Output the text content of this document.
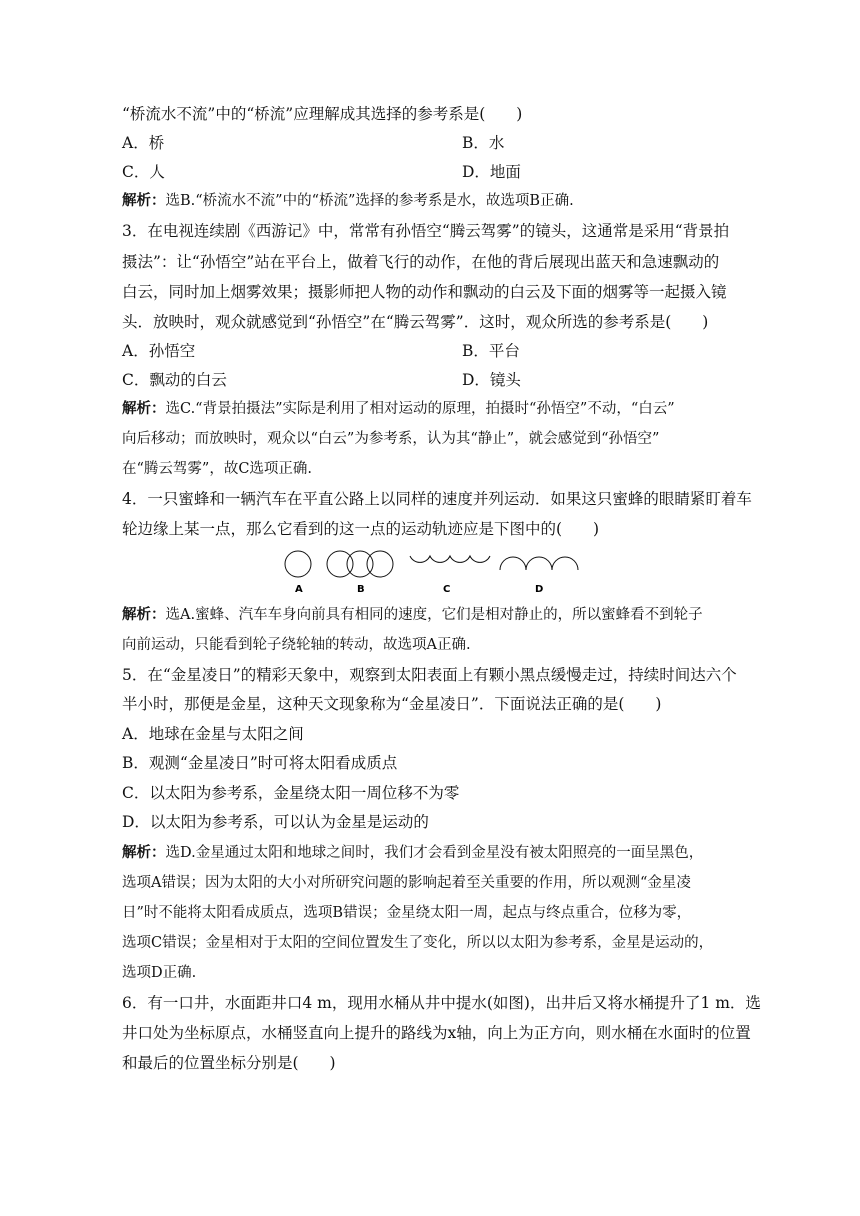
“桥流水不流”中的“桥流”应理解成其选择的参考系是(　　)
A．桥	B．水
C．人	D．地面
解析：选B.“桥流水不流”中的“桥流”选择的参考系是水，故选项B正确.
3．在电视连续剧《西游记》中，常常有孙悟空“腾云驾雾”的镜头，这通常是采用“背景拍
摄法”：让“孙悟空”站在平台上，做着飞行的动作，在他的背后展现出蓝天和急速飘动的
白云，同时加上烟雾效果；摄影师把人物的动作和飘动的白云及下面的烟雾等一起摄入镜
头．放映时，观众就感觉到“孙悟空”在“腾云驾雾”．这时，观众所选的参考系是(　　)
A．孙悟空	B．平台
C．飘动的白云	D．镜头
解析：选C.“背景拍摄法”实际是利用了相对运动的原理，拍摄时“孙悟空”不动，“白云”
向后移动；而放映时，观众以“白云”为参考系，认为其“静止”，就会感觉到“孙悟空”
在“腾云驾雾”，故C选项正确.
4．一只蜜蜂和一辆汽车在平直公路上以同样的速度并列运动．如果这只蜜蜂的眼睛紧盯着车
轮边缘上某一点，那么它看到的这一点的运动轨迹应是下图中的(　　)
A	B	C	D
解析：选A.蜜蜂、汽车车身向前具有相同的速度，它们是相对静止的，所以蜜蜂看不到轮子
向前运动，只能看到轮子绕轮轴的转动，故选项A正确.
5．在“金星凌日”的精彩天象中，观察到太阳表面上有颗小黑点缓慢走过，持续时间达六个
半小时，那便是金星，这种天文现象称为“金星凌日”．下面说法正确的是(　　)
A．地球在金星与太阳之间
B．观测“金星凌日”时可将太阳看成质点
C．以太阳为参考系，金星绕太阳一周位移不为零
D．以太阳为参考系，可以认为金星是运动的
解析：选D.金星通过太阳和地球之间时，我们才会看到金星没有被太阳照亮的一面呈黑色，
选项A错误；因为太阳的大小对所研究问题的影响起着至关重要的作用，所以观测“金星凌
日”时不能将太阳看成质点，选项B错误；金星绕太阳一周，起点与终点重合，位移为零，
选项C错误；金星相对于太阳的空间位置发生了变化，所以以太阳为参考系，金星是运动的，
选项D正确.
6．有一口井，水面距井口4 m，现用水桶从井中提水(如图)，出井后又将水桶提升了1 m．选
井口处为坐标原点，水桶竖直向上提升的路线为x轴，向上为正方向，则水桶在水面时的位置
和最后的位置坐标分别是(　　)
